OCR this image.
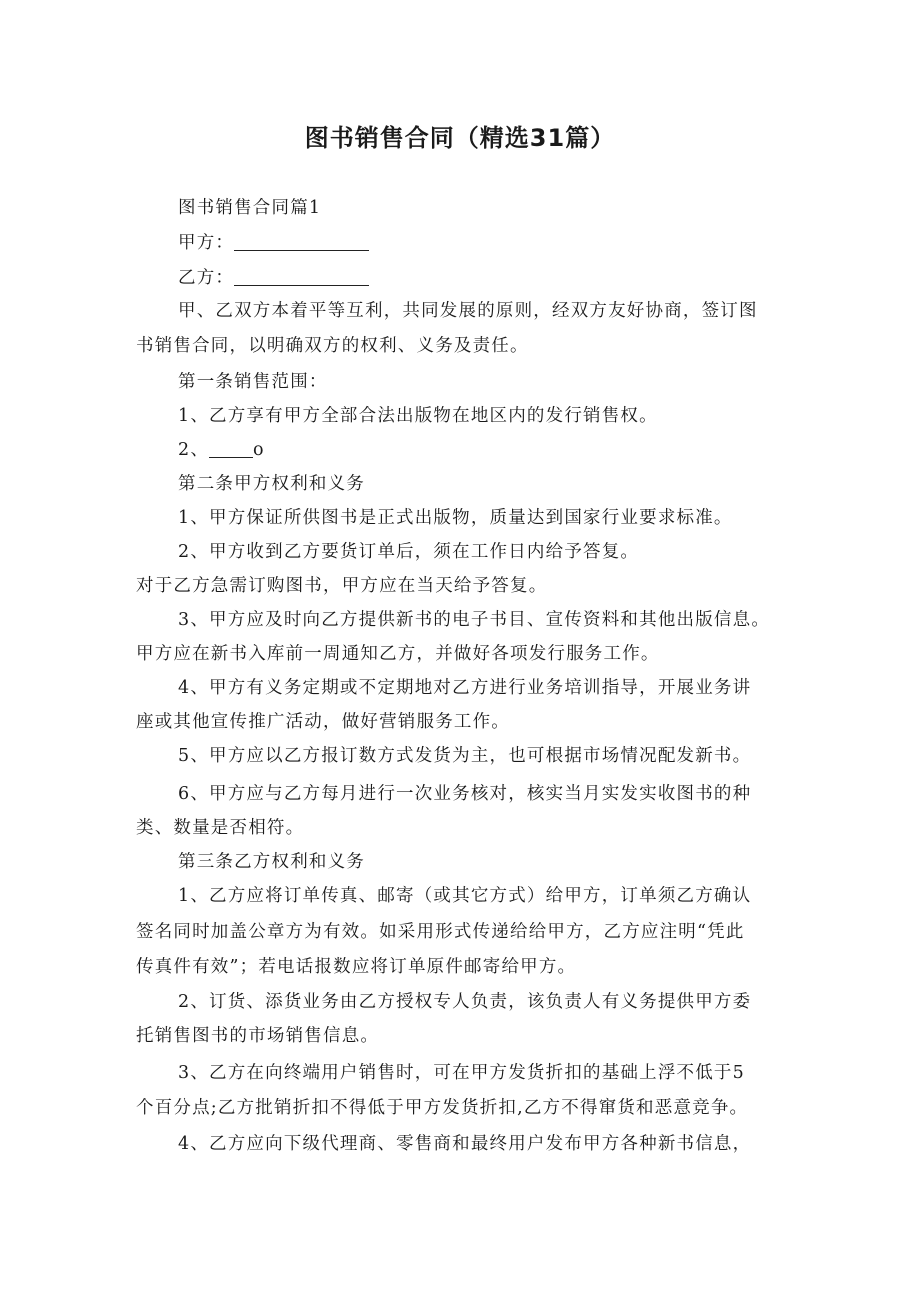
图书销售合同（精选31篇）
图书销售合同篇1
甲方：
乙方：
甲、乙双方本着平等互利，共同发展的原则，经双方友好协商，签订图
书销售合同，以明确双方的权利、义务及责任。
第一条销售范围：
1、乙方享有甲方全部合法出版物在地区内的发行销售权。
2、	o
第二条甲方权利和义务
1、甲方保证所供图书是正式出版物，质量达到国家行业要求标准。
2、甲方收到乙方要货订单后，须在工作日内给予答复。
对于乙方急需订购图书，甲方应在当天给予答复。
3、甲方应及时向乙方提供新书的电子书目、宣传资料和其他出版信息。
甲方应在新书入库前一周通知乙方，并做好各项发行服务工作。
4、甲方有义务定期或不定期地对乙方进行业务培训指导，开展业务讲
座或其他宣传推广活动，做好营销服务工作。
5、甲方应以乙方报订数方式发货为主，也可根据市场情况配发新书。
6、甲方应与乙方每月进行一次业务核对，核实当月实发实收图书的种
类、数量是否相符。
第三条乙方权利和义务
1、乙方应将订单传真、邮寄（或其它方式）给甲方，订单须乙方确认
签名同时加盖公章方为有效。如采用形式传递给给甲方，乙方应注明“凭此
传真件有效”；若电话报数应将订单原件邮寄给甲方。
2、订货、添货业务由乙方授权专人负责，该负责人有义务提供甲方委
托销售图书的市场销售信息。
3、乙方在向终端用户销售时，可在甲方发货折扣的基础上浮不低于5
个百分点;乙方批销折扣不得低于甲方发货折扣,乙方不得窜货和恶意竞争。
4、乙方应向下级代理商、零售商和最终用户发布甲方各种新书信息，
